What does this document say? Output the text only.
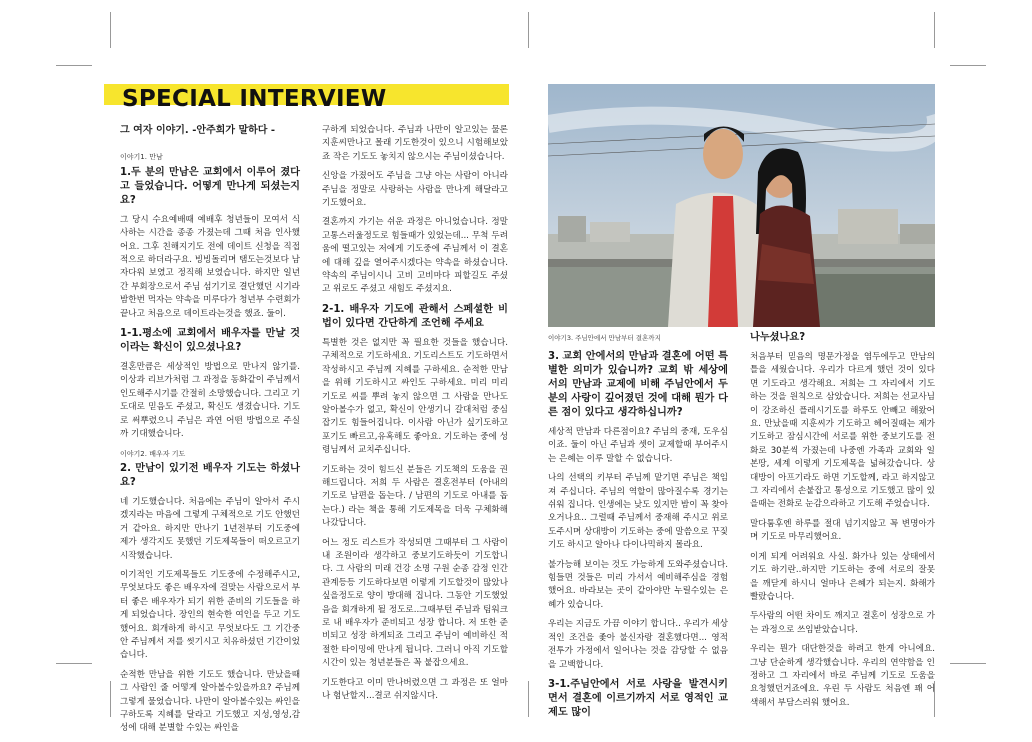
SPECIAL INTERVIEW

그 여자 이야기. -안주희가 말하다 -

이야기1. 만남

1.두 분의 만남은 교회에서 이루어 졌다고 들었습니다. 어떻게 만나게 되셨는지요?

그 당시 수요예배때 예배후 청년들이 모여서 식사하는 시간을 종종 가졌는데 그때 처음 인사했어요. 그후 친해지기도 전에 데이트 신청을 직접적으로 하더라구요. 빙빙돌리며 탬도는것보다 남자다워 보였고 정직해 보였습니다. 하지만 일년간 부회장으로서 주님 섬기기로 결단했던 시기라 밤한번 먹자는 약속을 미루다가 청년부 수련회가 끝나고 처음으로 데이트라는것을 했죠. 둘이.

1-1.평소에 교회에서 배우자를 만날 것이라는 확신이 있으셨나요?

결혼만큼은 세상적인 방법으로 만나지 않기를. 이상과 리브가처럼 그 과정을 동화같이 주님께서 인도해주시기를 간절히 소망했습니다. 그리고 기도대로 믿음도 주셨고, 확신도 생겼습니다. 기도로 써뿌렸으니 주님은 과연 어떤 방법으로 주실까 기대했습니다.

이야기2. 배우자 기도

2. 만남이 있기전 배우자 기도는 하셨나요?

네 기도했습니다. 처음에는 주님이 알아서 주시겠지라는 마음에 그렇게 구체적으로 기도 안했던거 같아요. 하지만 만나기 1년전부터 기도중에 제가 생각지도 못했던 기도제목들이 떠오르고기 시작했습니다.

이기적인 기도제목들도 기도중에 수정해주시고, 무엇보다도 좋은 배우자에 걸맞는 사람으로서 부터 좋은 배우자가 되기 위한 준비의 기도들을 하게 되었습니다. 장인의 현숙한 여인을 두고 기도했어요. 회개하게 하시고 무엇보다도 그 기간중안 주님께서 저를 씻기시고 치유하셨던 기간이었습니다.

순적한 만남을 위한 기도도 했습니다. 만났을때 그 사람인 줄 어떻게 알아볼수있을까요? 주님께 그렇게 물었습니다. 나만이 알아볼수있는 싸인을 구하도록 지혜를 달라고 기도했고 지성,영성,감성에 대해 분별할 수있는 싸인을

구하게 되었습니다. 주님과 나만이 알고있는 물론 지훈씨만나고 몰래 기도한것이 있으니 시험해보았죠 작은 기도도 놓치지 않으시는 주님이셨습니다.

신앙을 가졌어도 주님을 그냥 아는 사람이 아니라 주님을 정말로 사랑하는 사람을 만나게 해달라고 기도했어요.

결혼까지 가기는 쉬운 과정은 아니었습니다. 정말 고통스러울정도로 힘들때가 있었는데... 무척 두려움에 떨고있는 저에게 기도중에 주님께서 이 결혼에 대해 깊을 열어주시겠다는 약속을 하셨습니다. 약속의 주님이시니 고비 고비마다 피할길도 주셨고 위로도 주셨고 새힘도 주셨지요.

2-1. 배우자 기도에 관해서 스페셜한 비법이 있다면 간단하게 조언해 주세요

특별한 것은 없지만 꼭 필요한 것들을 했습니다. 구체적으로 기도하세요. 기도리스트도 기도하면서 작성하시고 주님께 지혜를 구하세요. 순적한 만남을 위해 기도하시고 싸인도 구하세요. 미리 미리 기도로 씨를 뿌려 놓지 않으면 그 사람을 만나도 알아볼수가 없고, 확신이 안생기니 갈대처럼 중심잡기도 힘들어집니다. 이사람 아닌가 싶기도하고 포기도 빠르고,유혹해도 좋아요. 기도하는 중에 성령님께서 교치주십니다.

기도하는 것이 힘드신 분들은 기도책의 도움을 권해드립니다. 저희 두 사람은 결혼전부터 (아내의 기도로 남편을 돕는다. / 남편의 기도로 아내를 돕는다.) 라는 책을 통해 기도제목을 더욱 구체화해나갔답니다.

어느 정도 리스트가 작성되면 그때부터 그 사람이 내 조원이라 생각하고 중보기도하듯이 기도합니다. 그 사람의 미래 건강 소명 구원 순종 감정 인간 관계등등 기도하다보면 이렇게 기도할것이 많았나 싶을정도로 양이 방대해 집니다. 그동안 기도했었음을 회개하게 될 정도로..그때부턴 주님과 팀워크로 내 배우자가 준비되고 성장 합니다. 저 또한 준비되고 성장 하게되죠 그리고 주님이 예비하신 적절한 타이밍에 만나게 됩니다. 그러니 아직 기도할 시간이 있는 청년분들은 꼭 붙잡으세요.

기도한다고 이미 만나버렸으면 그 과정은 또 얼마나 험난할지...결코 쉬지않시다.

이야기3. 주님안에서 만남부터 결혼까지

3. 교회 안에서의 만남과 결혼에 어떤 특별한 의미가 있습니까? 교회 밖 세상에서의 만남과 교제에 비해 주님안에서 두분의 사랑이 깊어졌던 것에 대해 뭔가 다른 점이 있다고 생각하십니까?

세상적 만남과 다른점이요? 주님의 중재, 도우심이죠. 둘이 아닌 주님과 셋이 교제할때 부어주시는 은혜는 이루 말할 수 없습니다.

나의 선택의 키부터 주님께 맡기면 주님은 책임져 주십니다. 주님의 역할이 많아질수록 경기는 쉬워 집니다. 인생에는 낮도 있지만 밤이 꼭 찾아오거나요.. 그럴때 주님께서 중재해 주시고 위로 도주시며 상대방이 기도하는 중에 말씀으로 꾸짖기도 하시고 알아나 다이나믹하지 몰라요.

불가능해 보이는 것도 가능하게 도와주셨습니다. 힘들면 것들은 미리 가서서 예비해주심을 경험 했어요. 바라보는 곳이 같아야만 누릴수있는 은혜가 있습니다.

우리는 지금도 가끔 이야기 합니다.. 우리가 세상적인 조건을 좇아 불신자랑 결혼했다면... 영적 전투가 가정에서 일어나는 것을 감당할 수 없음을 고백합니다.

3-1.주님안에서 서로 사랑을 발견시키면서 결혼에 이르기까지 서로 영적인 교제도 많이

나누셨나요?

처음부터 믿음의 명문가정을 염두에두고 만남의 틀을 세웠습니다. 우리가 다르게 했던 것이 있다면 기도라고 생각해요. 저희는 그 자리에서 기도하는 것을 원칙으로 삼았습니다. 저희는 선교사님이 강조하신 플레시기도를 하루도 안빼고 해왔어요. 만났을때 지훈씨가 기도하고 헤어질때는 제가 기도하고 잠심시간에 서로를 위한 중보기도를 전화로 30분씩 가졌는데 나중엔 가족과 교회와 일본땅, 세계 이렇게 기도제목을 넓혀갔습니다. 상대방이 아프기라도 하면 기도할께, 라고 하지않고 그 자리에서 손붙잡고 통성으로 기도했고 많이 있을때는 전화로 눈감으라하고 기도해 주었습니다.

말다툼후엔 하루를 절대 넘기지않고 꼭 변명아가며 기도로 마무리했어요.

이게 되게 어려워요 사실. 화가나 있는 상태에서 기도 하기란..하지만 기도하는 중에 서로의 잘못을 깨닫게 하시니 얼마나 은혜가 되는지. 화해가 빨랐습니다.

두사람의 어떤 차이도 깨지고 결혼이 성장으로 가는 과정으로 쓰임받았습니다.

우리는 뭔가 대단한것을 하려고 한게 아니에요. 그냥 단순하게 생각했습니다. 우리의 연약함을 인정하고 그 자리에서 바로 주님께 기도로 도움을 요청했던거죠에요. 우린 두 사람도 처음엔 꽤 어색해서 부담스러워 했어요.
